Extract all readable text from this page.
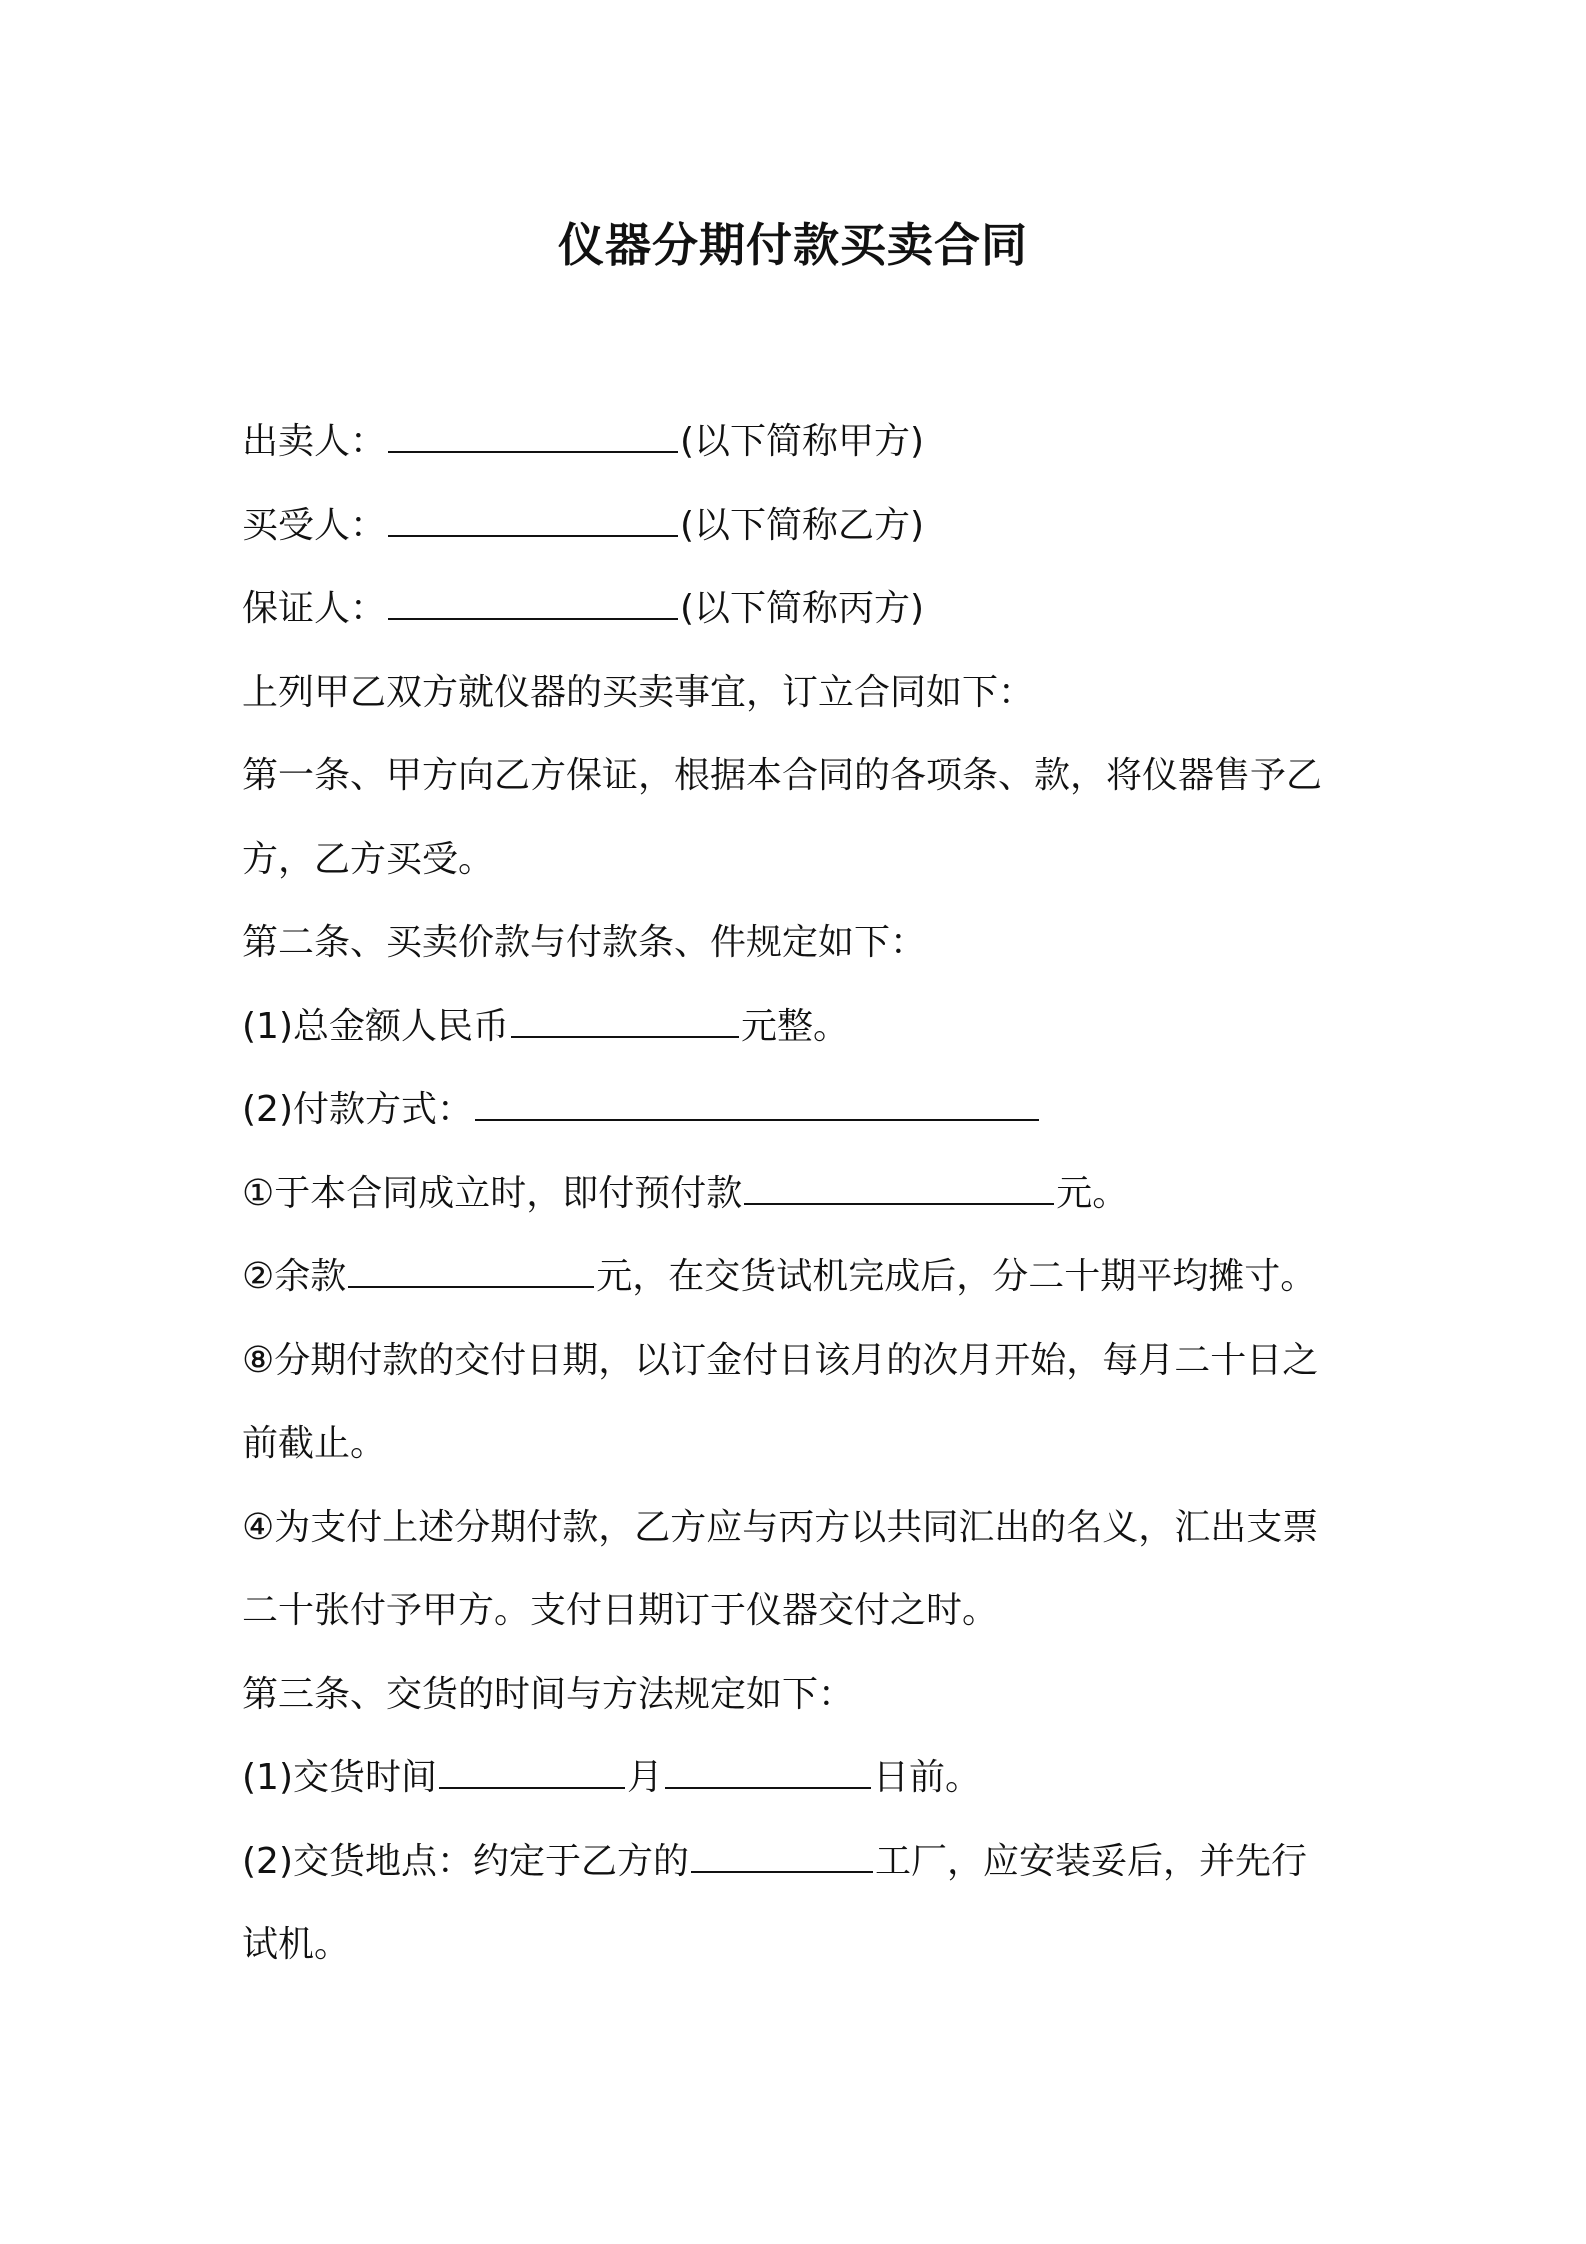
仪器分期付款买卖合同

出卖人：	(以下简称甲方)

买受人：	(以下简称乙方)

保证人：	(以下简称丙方)

上列甲乙双方就仪器的买卖事宜，订立合同如下：

第一条、甲方向乙方保证，根据本合同的各项条、款，将仪器售予乙

方，乙方买受。

第二条、买卖价款与付款条、件规定如下：

(1)总金额人民币	元整。

(2)付款方式：

①于本合同成立时，即付预付款	元。

②余款	元，在交货试机完成后，分二十期平均摊寸。

⑧分期付款的交付日期，以订金付日该月的次月开始，每月二十日之

前截止。

④为支付上述分期付款，乙方应与丙方以共同汇出的名义，汇出支票

二十张付予甲方。支付日期订于仪器交付之时。

第三条、交货的时间与方法规定如下：

(1)交货时间	月	日前。

(2)交货地点：约定于乙方的	工厂，应安装妥后，并先行

试机。
